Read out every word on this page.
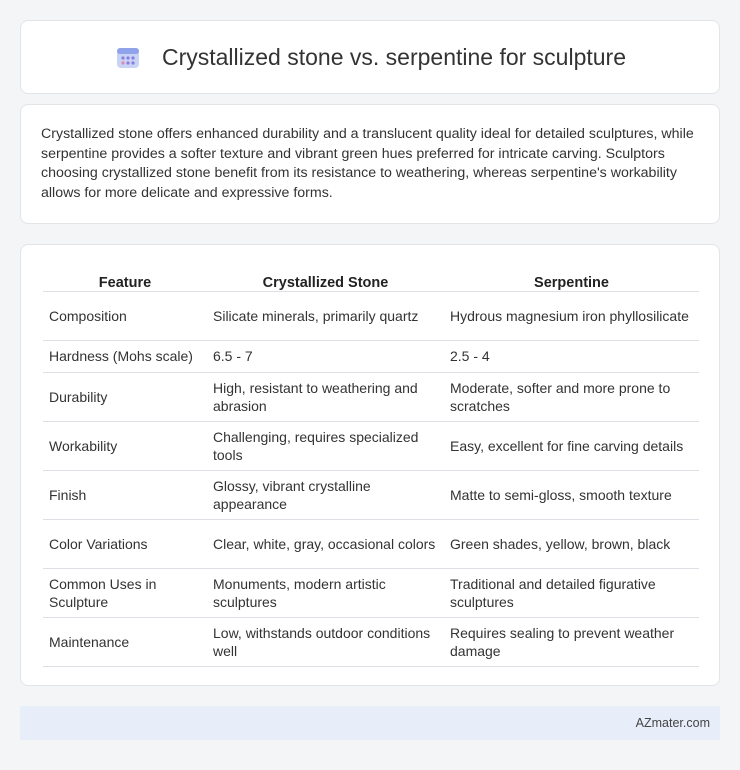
Crystallized stone vs. serpentine for sculpture

Crystallized stone offers enhanced durability and a translucent quality ideal for detailed sculptures, while serpentine provides a softer texture and vibrant green hues preferred for intricate carving. Sculptors choosing crystallized stone benefit from its resistance to weathering, whereas serpentine's workability allows for more delicate and expressive forms.

Feature	Crystallized Stone	Serpentine
Composition	Silicate minerals, primarily quartz	Hydrous magnesium iron phyllosilicate
Hardness (Mohs scale)	6.5 - 7	2.5 - 4
Durability	High, resistant to weathering and abrasion	Moderate, softer and more prone to scratches
Workability	Challenging, requires specialized tools	Easy, excellent for fine carving details
Finish	Glossy, vibrant crystalline appearance	Matte to semi-gloss, smooth texture
Color Variations	Clear, white, gray, occasional colors	Green shades, yellow, brown, black
Common Uses in Sculpture	Monuments, modern artistic sculptures	Traditional and detailed figurative sculptures
Maintenance	Low, withstands outdoor conditions well	Requires sealing to prevent weather damage
AZmater.com
